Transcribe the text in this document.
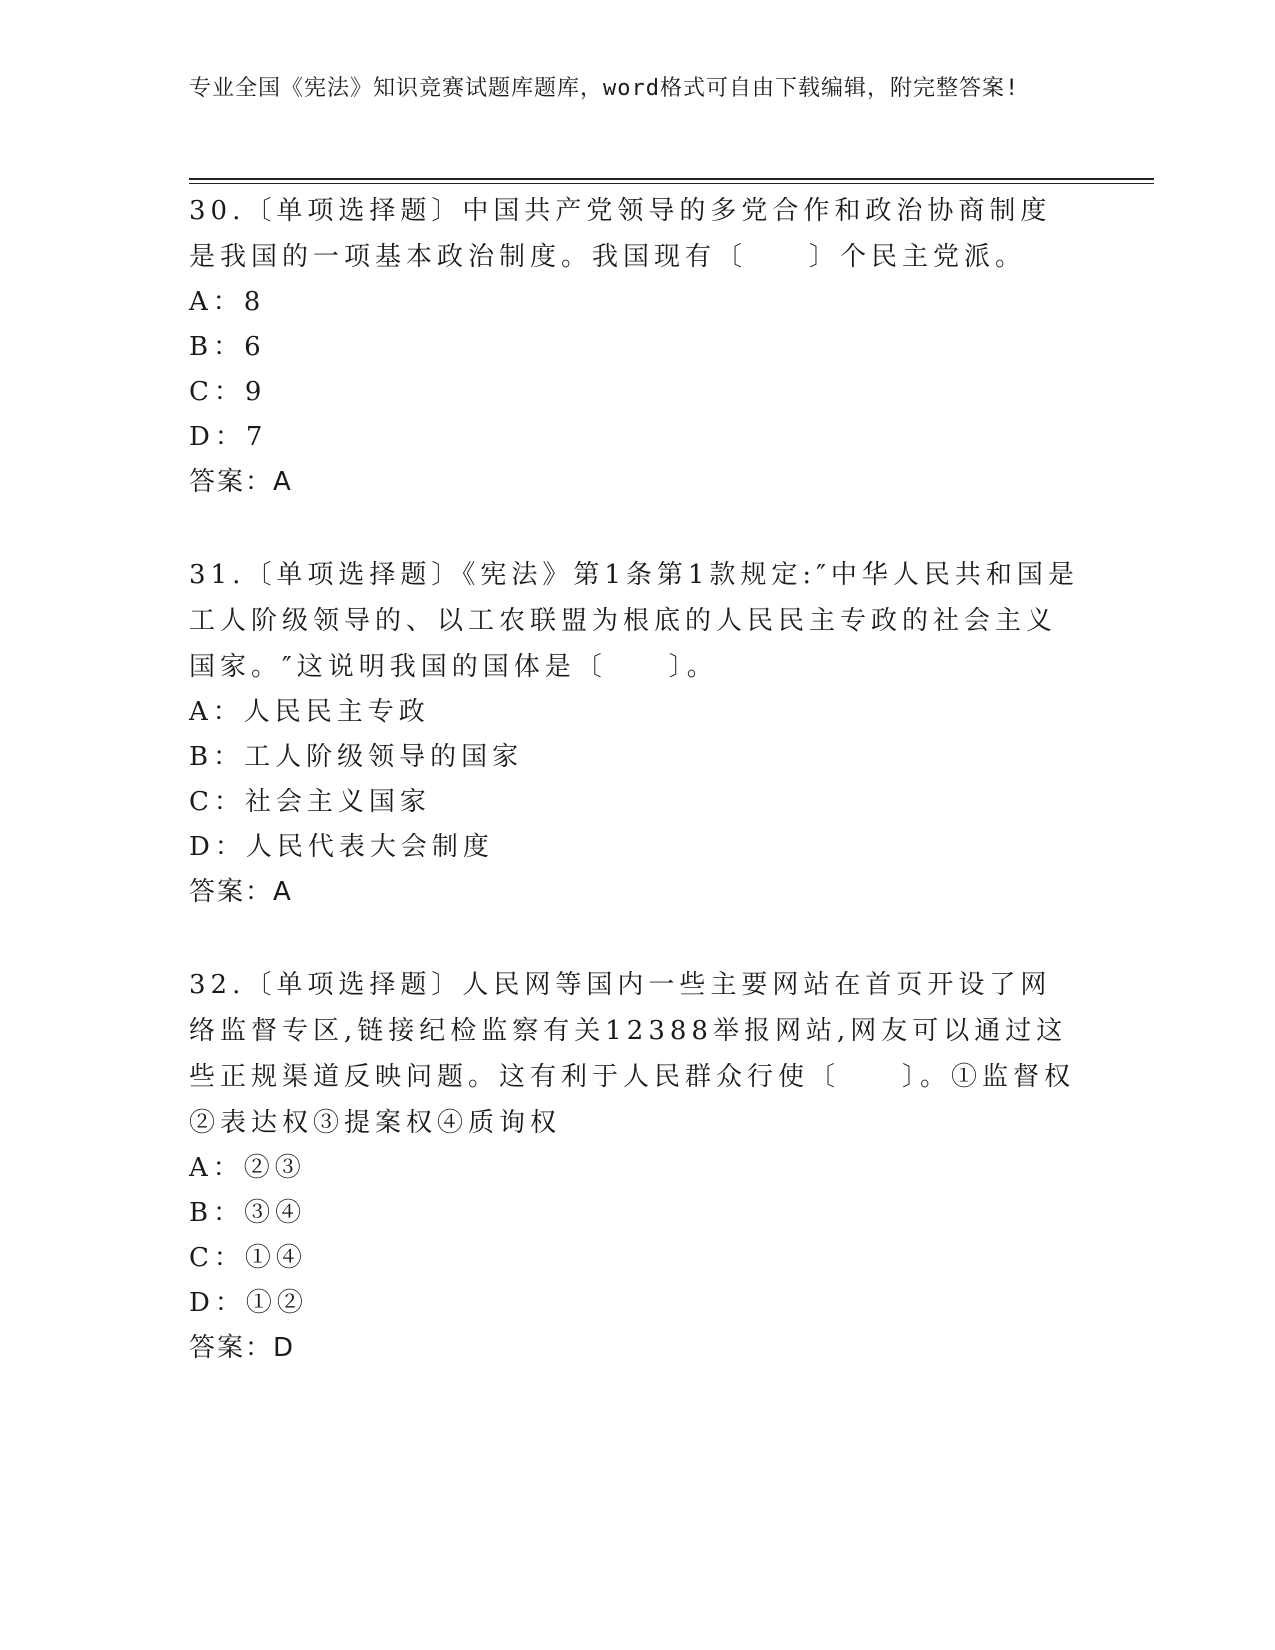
专业全国《宪法》知识竞赛试题库题库，word格式可自由下载编辑，附完整答案!
30.〔单项选择题〕中国共产党领导的多党合作和政治协商制度是我国的一项基本政治制度。我国现有〔　　〕个民主党派。
A：8
B：6
C：9
D：7
答案：A
31.〔单项选择题〕《宪法》第1条第1款规定:″中华人民共和国是工人阶级领导的、以工农联盟为根底的人民民主专政的社会主义国家。″这说明我国的国体是〔　　〕。
A：人民民主专政
B：工人阶级领导的国家
C：社会主义国家
D：人民代表大会制度
答案：A
32.〔单项选择题〕人民网等国内一些主要网站在首页开设了网络监督专区,链接纪检监察有关12388举报网站,网友可以通过这些正规渠道反映问题。这有利于人民群众行使〔　　〕。①监督权②表达权③提案权④质询权
A：②③
B：③④
C：①④
D：①②
答案：D
